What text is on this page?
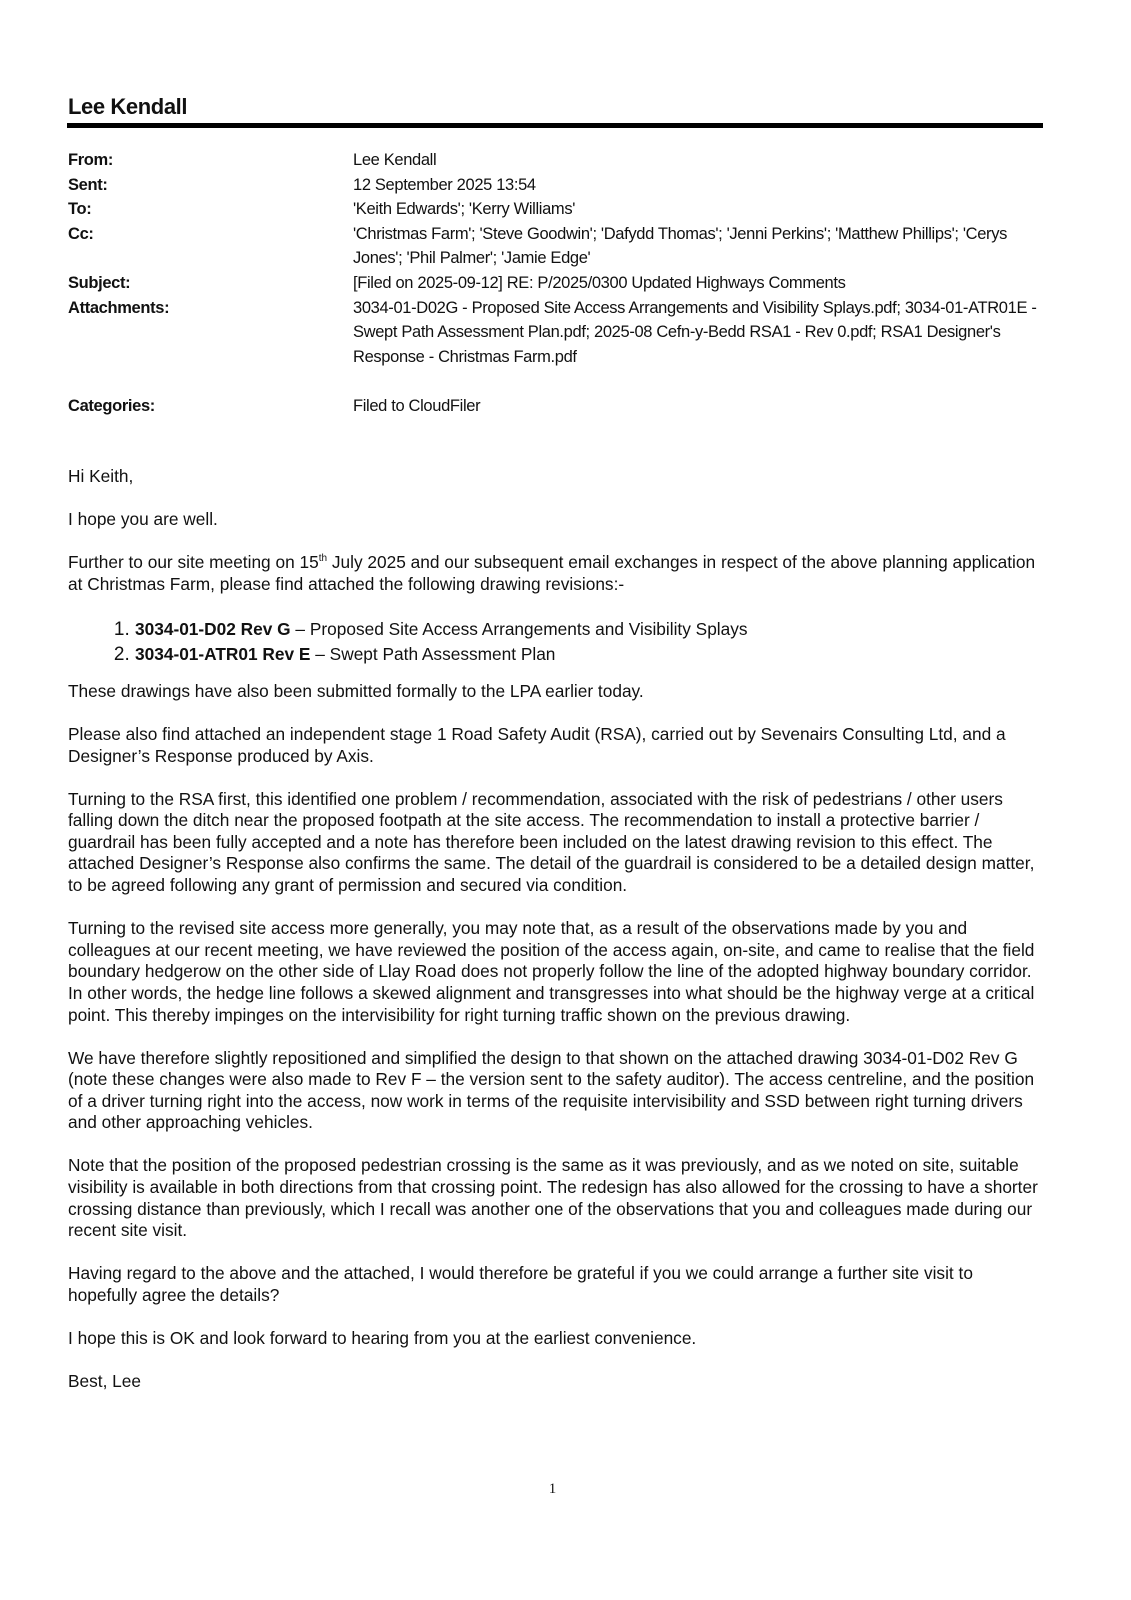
Lee Kendall
From:	Lee Kendall
Sent:	12 September 2025 13:54
To:	'Keith Edwards'; 'Kerry Williams'
Cc:	'Christmas Farm'; 'Steve Goodwin'; 'Dafydd Thomas'; 'Jenni Perkins'; 'Matthew Phillips'; 'Cerys Jones'; 'Phil Palmer'; 'Jamie Edge'
Subject:	[Filed on 2025-09-12] RE: P/2025/0300 Updated Highways Comments
Attachments:	3034-01-D02G - Proposed Site Access Arrangements and Visibility Splays.pdf; 3034-01-ATR01E - Swept Path Assessment Plan.pdf; 2025-08 Cefn-y-Bedd RSA1 - Rev 0.pdf; RSA1 Designer's Response - Christmas Farm.pdf
Categories:	Filed to CloudFiler

Hi Keith,

I hope you are well.

Further to our site meeting on 15th July 2025 and our subsequent email exchanges in respect of the above planning application at Christmas Farm, please find attached the following drawing revisions:-

1. 3034-01-D02 Rev G – Proposed Site Access Arrangements and Visibility Splays
2. 3034-01-ATR01 Rev E – Swept Path Assessment Plan

These drawings have also been submitted formally to the LPA earlier today.

Please also find attached an independent stage 1 Road Safety Audit (RSA), carried out by Sevenairs Consulting Ltd, and a Designer’s Response produced by Axis.

Turning to the RSA first, this identified one problem / recommendation, associated with the risk of pedestrians / other users falling down the ditch near the proposed footpath at the site access. The recommendation to install a protective barrier / guardrail has been fully accepted and a note has therefore been included on the latest drawing revision to this effect. The attached Designer’s Response also confirms the same. The detail of the guardrail is considered to be a detailed design matter, to be agreed following any grant of permission and secured via condition.

Turning to the revised site access more generally, you may note that, as a result of the observations made by you and colleagues at our recent meeting, we have reviewed the position of the access again, on-site, and came to realise that the field boundary hedgerow on the other side of Llay Road does not properly follow the line of the adopted highway boundary corridor. In other words, the hedge line follows a skewed alignment and transgresses into what should be the highway verge at a critical point. This thereby impinges on the intervisibility for right turning traffic shown on the previous drawing.

We have therefore slightly repositioned and simplified the design to that shown on the attached drawing 3034-01-D02 Rev G (note these changes were also made to Rev F – the version sent to the safety auditor). The access centreline, and the position of a driver turning right into the access, now work in terms of the requisite intervisibility and SSD between right turning drivers and other approaching vehicles.

Note that the position of the proposed pedestrian crossing is the same as it was previously, and as we noted on site, suitable visibility is available in both directions from that crossing point. The redesign has also allowed for the crossing to have a shorter crossing distance than previously, which I recall was another one of the observations that you and colleagues made during our recent site visit.

Having regard to the above and the attached, I would therefore be grateful if you we could arrange a further site visit to hopefully agree the details?

I hope this is OK and look forward to hearing from you at the earliest convenience.

Best, Lee

1
